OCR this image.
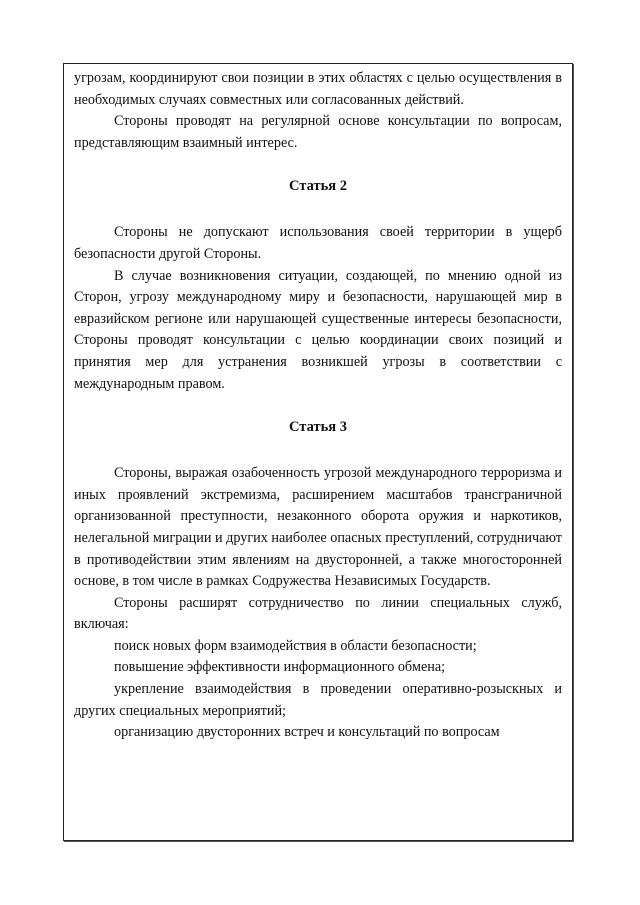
угрозам, координируют свои позиции в этих областях с целью осуществления в необходимых случаях совместных или согласованных действий.

Стороны проводят на регулярной основе консультации по вопросам, представляющим взаимный интерес.

Статья 2

Стороны не допускают использования своей территории в ущерб безопасности другой Стороны.

В случае возникновения ситуации, создающей, по мнению одной из Сторон, угрозу международному миру и безопасности, нарушающей мир в евразийском регионе или нарушающей существенные интересы безопасности, Стороны проводят консультации с целью координации своих позиций и принятия мер для устранения возникшей угрозы в соответствии с международным правом.

Статья 3

Стороны, выражая озабоченность угрозой международного терроризма и иных проявлений экстремизма, расширением масштабов трансграничной организованной преступности, незаконного оборота оружия и наркотиков, нелегальной миграции и других наиболее опасных преступлений, сотрудничают в противодействии этим явлениям на двусторонней, а также многосторонней основе, в том числе в рамках Содружества Независимых Государств.

Стороны расширят сотрудничество по линии специальных служб, включая:

поиск новых форм взаимодействия в области безопасности;

повышение эффективности информационного обмена;

укрепление взаимодействия в проведении оперативно-розыскных и других специальных мероприятий;

организацию двусторонних встреч и консультаций по вопросам
